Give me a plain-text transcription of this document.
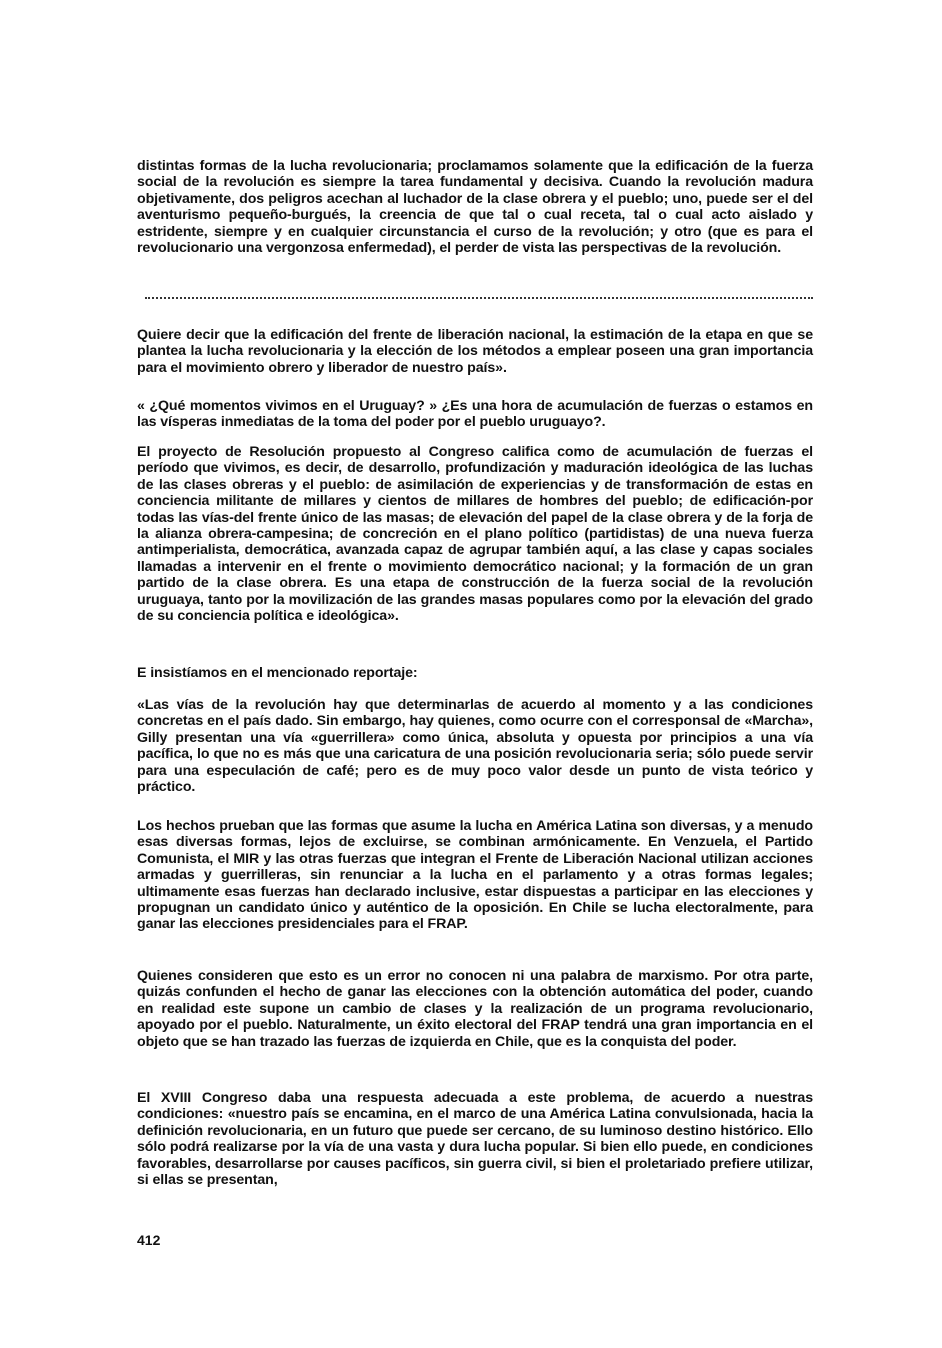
distintas formas de la lucha revolucionaria; proclamamos solamente que la edificación de la fuerza social de la revolución es siempre la tarea fundamental y decisiva. Cuando la revolución madura objetivamente, dos peligros acechan al luchador de la clase obrera y el pueblo; uno, puede ser el del aventurismo pequeño-burgués, la creencia de que tal o cual receta, tal o cual acto aislado y estridente, siempre y en cualquier circunstancia el curso de la revolución; y otro (que es para el revolucionario una vergonzosa enfermedad), el perder de vista las perspectivas de la revolución.

Quiere decir que la edificación del frente de liberación nacional, la estimación de la etapa en que se plantea la lucha revolucionaria y la elección de los métodos a emplear poseen una gran importancia para el movimiento obrero y liberador de nuestro país».

« ¿Qué momentos vivimos en el Uruguay? » ¿Es una hora de acumulación de fuerzas o estamos en las vísperas inmediatas de la toma del poder por el pueblo uruguayo?.

El proyecto de Resolución propuesto al Congreso califica como de acumulación de fuerzas el período que vivimos, es decir, de desarrollo, profundización y maduración ideológica de las luchas de las clases obreras y el pueblo: de asimilación de experiencias y de transformación de estas en conciencia militante de millares y cientos de millares de hombres del pueblo; de edificación-por todas las vías-del frente único de las masas; de elevación del papel de la clase obrera y de la forja de la alianza obrera-campesina; de concreción en el plano político (partidistas) de una nueva fuerza antimperialista, democrática, avanzada capaz de agrupar también aquí, a las clase y capas sociales llamadas a intervenir en el frente o movimiento democrático nacional; y la formación de un gran partido de la clase obrera. Es una etapa de construcción de la fuerza social de la revolución uruguaya, tanto por la movilización de las grandes masas populares como por la elevación del grado de su conciencia política e ideológica».

E insistíamos en el mencionado reportaje:

«Las vías de la revolución hay que determinarlas de acuerdo al momento y a las condiciones concretas en el país dado. Sin embargo, hay quienes, como ocurre con el corresponsal de «Marcha», Gilly presentan una vía «guerrillera» como única, absoluta y opuesta por principios a una vía pacífica, lo que no es más que una caricatura de una posición revolucionaria seria; sólo puede servir para una especulación de café; pero es de muy poco valor desde un punto de vista teórico y práctico.

Los hechos prueban que las formas que asume la lucha en América Latina son diversas, y a menudo esas diversas formas, lejos de excluirse, se combinan armónicamente. En Venzuela, el Partido Comunista, el MIR y las otras fuerzas que integran el Frente de Liberación Nacional utilizan acciones armadas y guerrilleras, sin renunciar a la lucha en el parlamento y a otras formas legales; ultimamente esas fuerzas han declarado inclusive, estar dispuestas a participar en las elecciones y propugnan un candidato único y auténtico de la oposición. En Chile se lucha electoralmente, para ganar las elecciones presidenciales para el FRAP.

Quienes consideren que esto es un error no conocen ni una palabra de marxismo. Por otra parte, quizás confunden el hecho de ganar las elecciones con la obtención automática del poder, cuando en realidad este supone un cambio de clases y la realización de un programa revolucionario, apoyado por el pueblo. Naturalmente, un éxito electoral del FRAP tendrá una gran importancia en el objeto que se han trazado las fuerzas de izquierda en Chile, que es la conquista del poder.

El XVIII Congreso daba una respuesta adecuada a este problema, de acuerdo a nuestras condiciones: «nuestro país se encamina, en el marco de una América Latina convulsionada, hacia la definición revolucionaria, en un futuro que puede ser cercano, de su luminoso destino histórico. Ello sólo podrá realizarse por la vía de una vasta y dura lucha popular. Si bien ello puede, en condiciones favorables, desarrollarse por causes pacíficos, sin guerra civil, si bien el proletariado prefiere utilizar, si ellas se presentan,

412
